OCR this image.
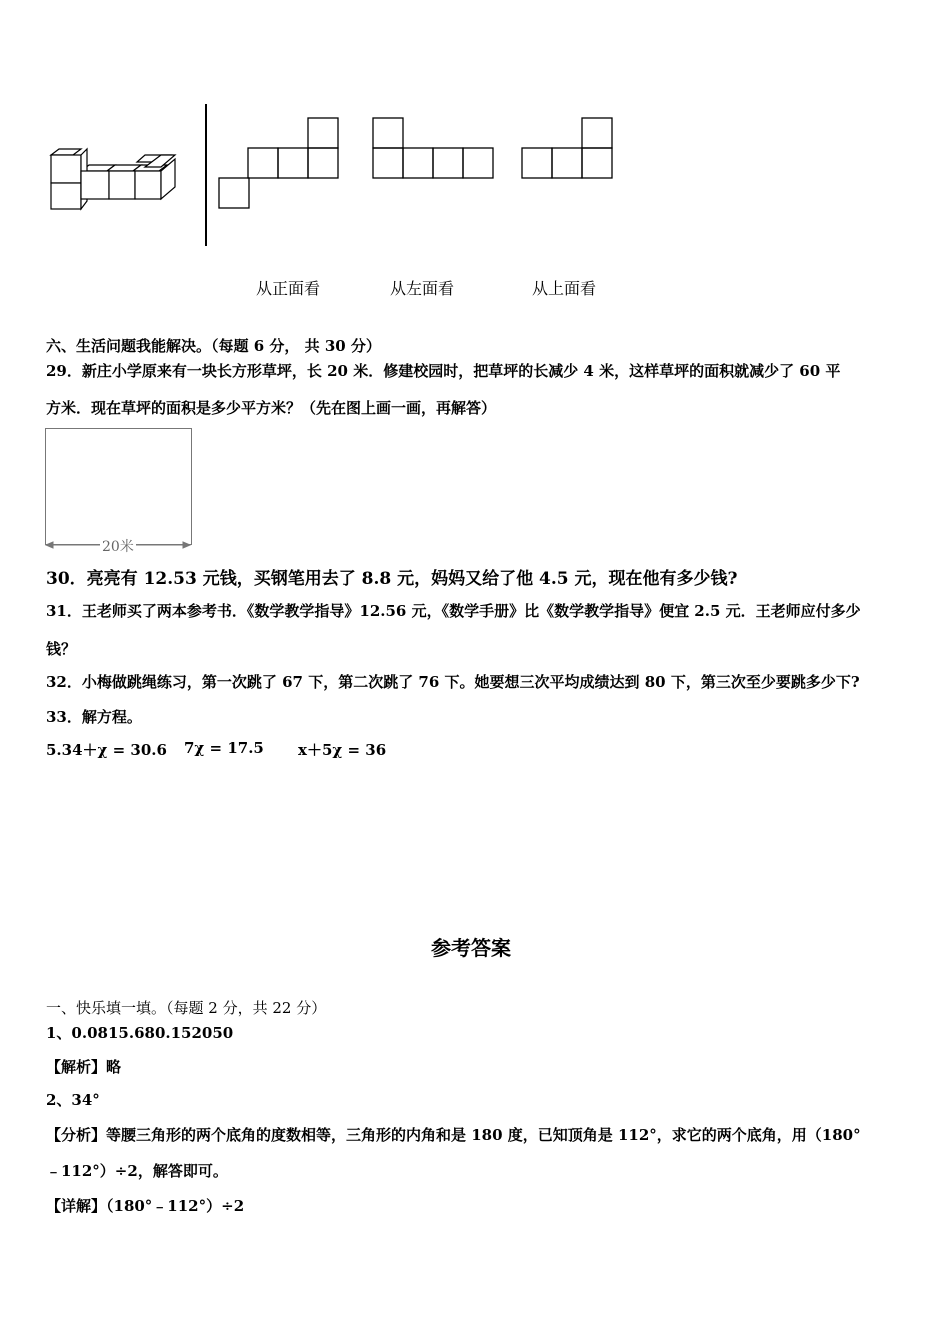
从正面看	从左面看	从上面看
六、生活问题我能解决。（每题 6 分， 共 30 分）
29．新庄小学原来有一块长方形草坪，长 20 米．修建校园时，把草坪的长减少 4 米，这样草坪的面积就减少了 60 平
方米．现在草坪的面积是多少平方米？（先在图上画一画，再解答）
20米
30．亮亮有 12.53 元钱，买钢笔用去了 8.8 元，妈妈又给了他 4.5 元，现在他有多少钱?
31．王老师买了两本参考书．《数学教学指导》12.56 元，《数学手册》比《数学教学指导》便宜 2.5 元．王老师应付多少
钱？
32．小梅做跳绳练习，第一次跳了 67 下，第二次跳了 76 下。她要想三次平均成绩达到 80 下，第三次至少要跳多少下?
33．解方程。
5.34＋χ = 30.6 7χ = 17.5 x＋5χ = 36
参考答案
一、快乐填一填。（每题 2 分，共 22 分）
1、0.0815.680.152050
【解析】略
2、34°
【分析】等腰三角形的两个底角的度数相等，三角形的内角和是 180 度，已知顶角是 112°，求它的两个底角，用（180°
﹣112°）÷2，解答即可。
【详解】（180°﹣112°）÷2
